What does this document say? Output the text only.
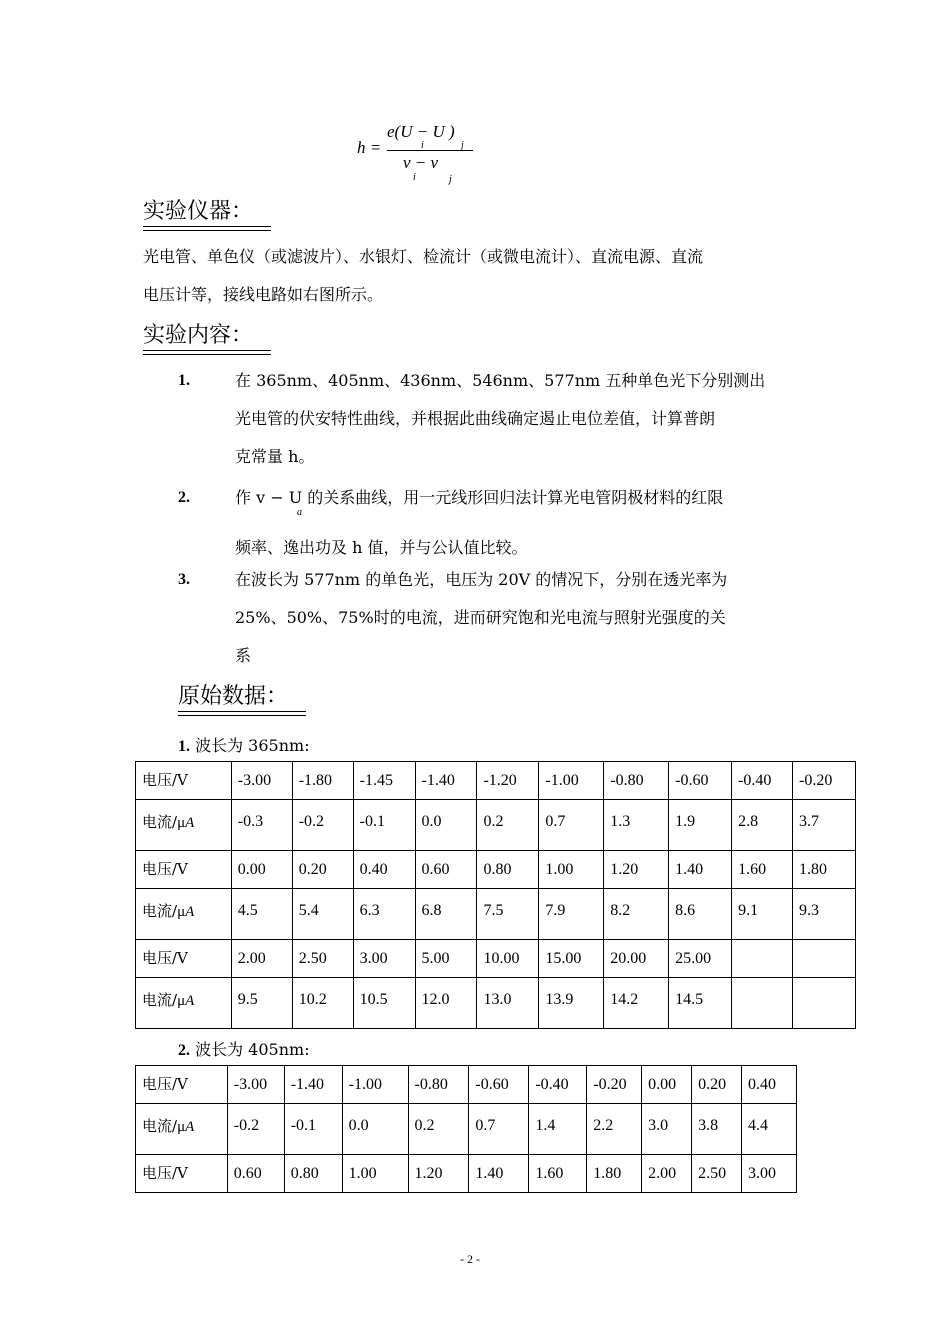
h =
e(U − U )
i	j
v − v
i	j
实验仪器：
光电管、单色仪（或滤波片）、水银灯、检流计（或微电流计）、直流电源、直流
电压计等，接线电路如右图所示。
实验内容：
1.	在 365nm、405nm、436nm、546nm、577nm 五种单色光下分别测出
光电管的伏安特性曲线，并根据此曲线确定遏止电位差值，计算普朗
克常量 h。
2.	作 v − U 的关系曲线，用一元线形回归法计算光电管阴极材料的红限
频率、逸出功及 h 值，并与公认值比较。
a
3.	在波长为 577nm 的单色光，电压为 20V 的情况下，分别在透光率为
25%、50%、75%时的电流，进而研究饱和光电流与照射光强度的关
系
原始数据：
1. 波长为 365nm:
电压/V	-3.00	-1.80	-1.45	-1.40	-1.20	-1.00	-0.80	-0.60	-0.40	-0.20
电流/μA	-0.3	-0.2	-0.1	0.0	0.2	0.7	1.3	1.9	2.8	3.7
电压/V	0.00	0.20	0.40	0.60	0.80	1.00	1.20	1.40	1.60	1.80
电流/μA	4.5	5.4	6.3	6.8	7.5	7.9	8.2	8.6	9.1	9.3
电压/V	2.00	2.50	3.00	5.00	10.00	15.00	20.00	25.00		
电流/μA	9.5	10.2	10.5	12.0	13.0	13.9	14.2	14.5		
2. 波长为 405nm:
电压/V	-3.00	-1.40	-1.00	-0.80	-0.60	-0.40	-0.20	0.00	0.20	0.40
电流/μA	-0.2	-0.1	0.0	0.2	0.7	1.4	2.2	3.0	3.8	4.4
电压/V	0.60	0.80	1.00	1.20	1.40	1.60	1.80	2.00	2.50	3.00
- 2 -
